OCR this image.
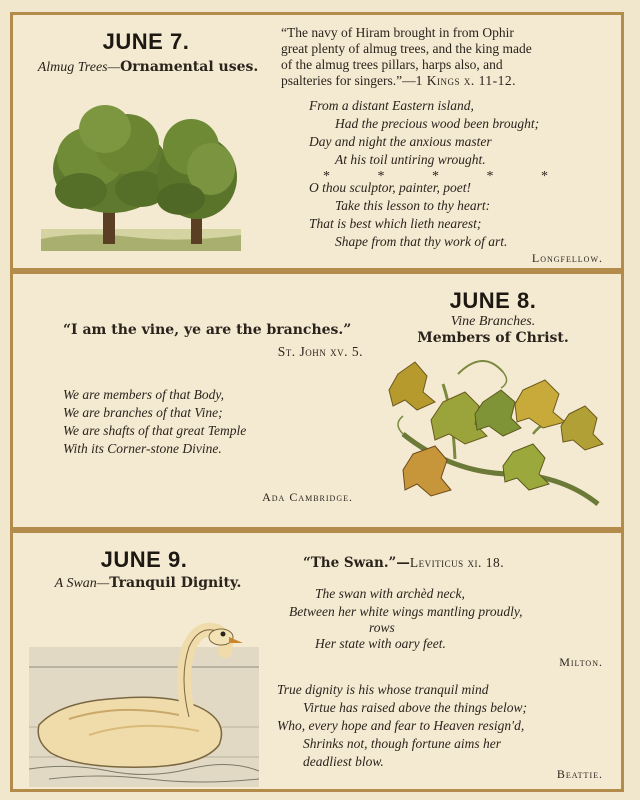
JUNE 7.
Almug Trees—Ornamental uses.
“The navy of Hiram brought in from Ophir
great plenty of almug trees, and the king made
of the almug trees pillars, harps also, and
psalteries for singers.”—1 Kings x. 11-12.
From a distant Eastern island,
Had the precious wood been brought;
Day and night the anxious master
At his toil untiring wrought.
* * * * *
O thou sculptor, painter, poet!
Take this lesson to thy heart:
That is best which lieth nearest;
Shape from that thy work of art.
Longfellow.
JUNE 8.
Vine Branches.
Members of Christ.
“I am the vine, ye are the branches.”
St. John xv. 5.
We are members of that Body,
We are branches of that Vine;
We are shafts of that great Temple
With its Corner-stone Divine.
Ada Cambridge.
JUNE 9.
A Swan—Tranquil Dignity.
“The Swan.”—Leviticus xi. 18.
The swan with archèd neck,
Between her white wings mantling proudly,
rows
Her state with oary feet.
Milton.
True dignity is his whose tranquil mind
Virtue has raised above the things below;
Who, every hope and fear to Heaven resign'd,
Shrinks not, though fortune aims her
deadliest blow.
Beattie.
